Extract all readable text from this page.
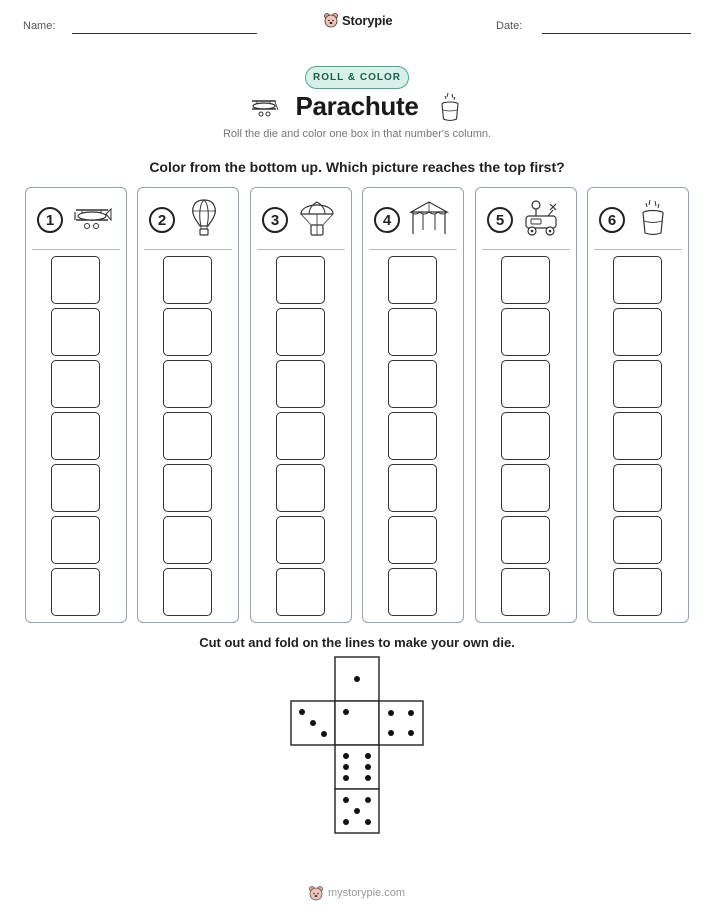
Name:	Storypie	Date:
ROLL & COLOR
Parachute
Roll the die and color one box in that number's column.
Color from the bottom up. Which picture reaches the top first?
1	2	3	4	5	6
Cut out and fold on the lines to make your own die.
mystorypie.com
